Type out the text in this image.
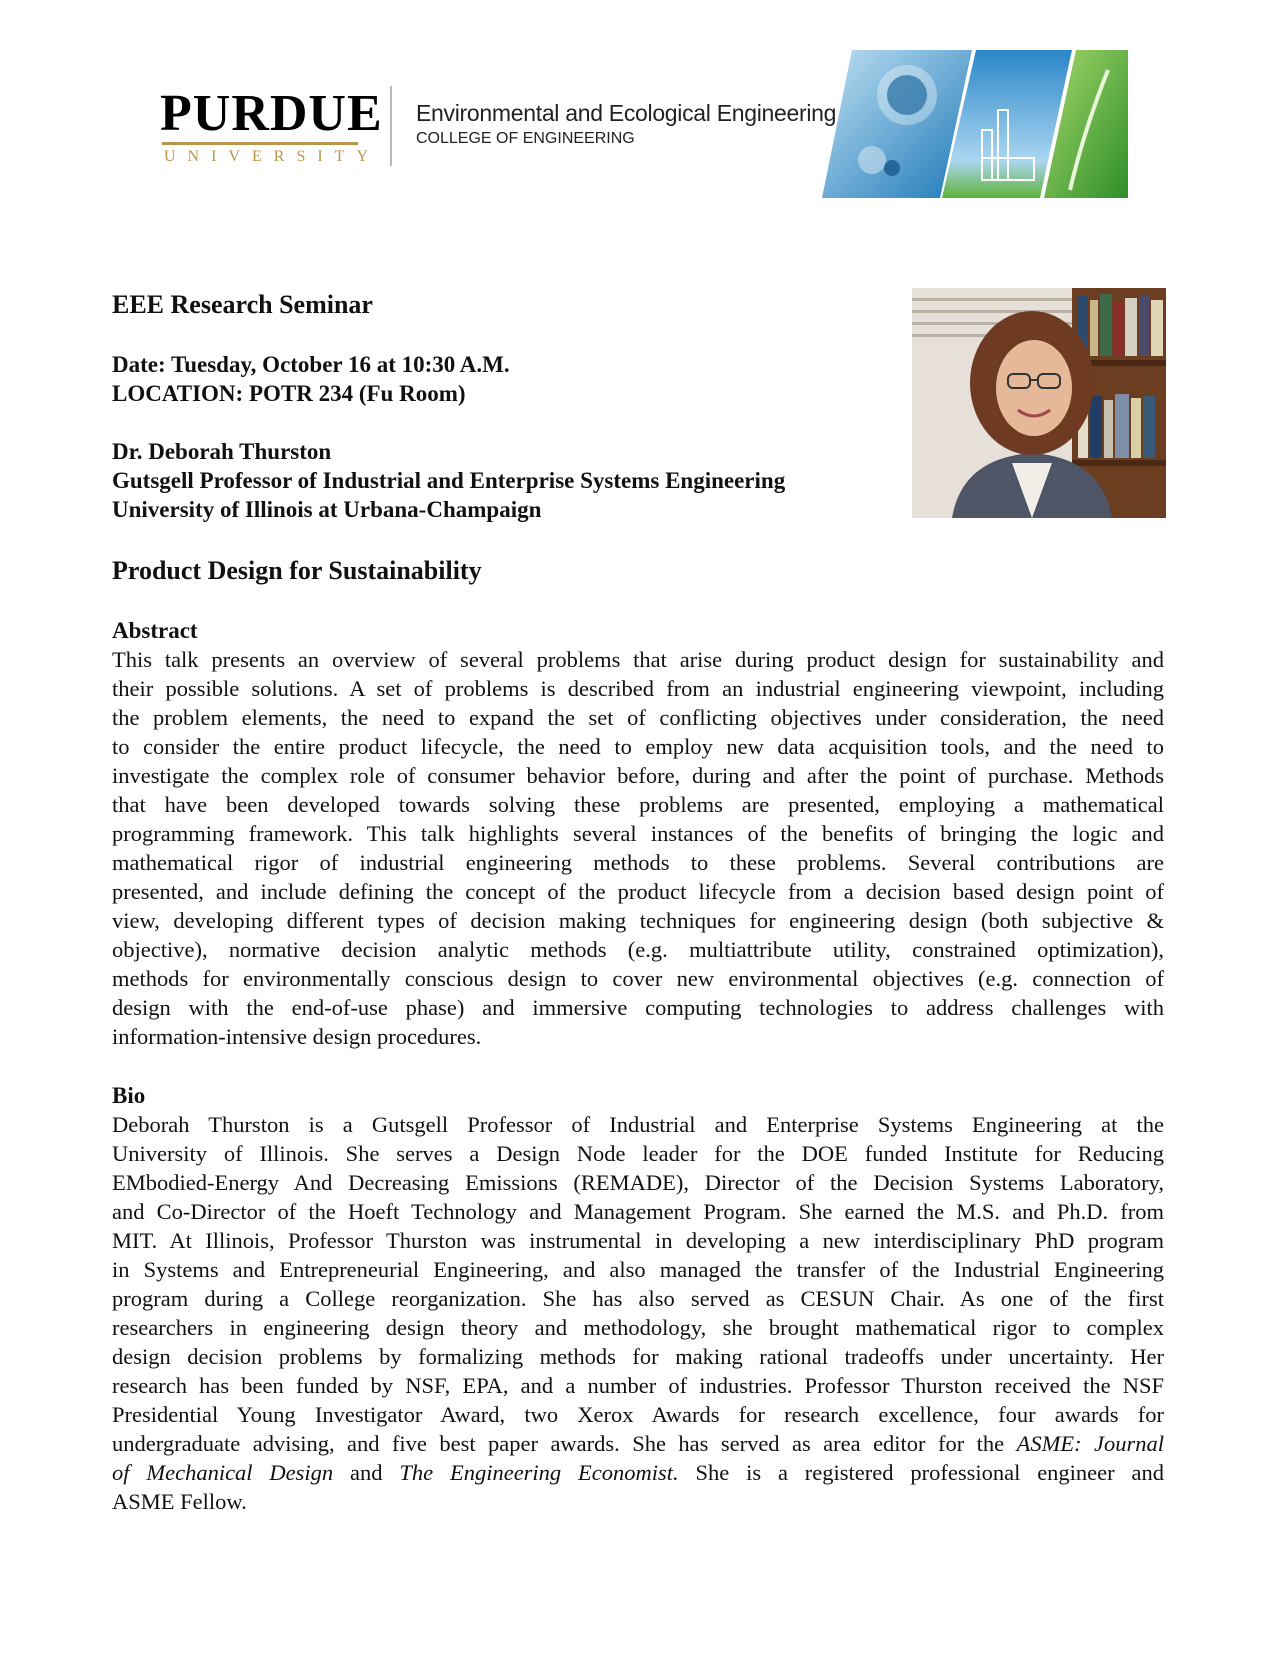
PURDUE
UNIVERSITY
Environmental and Ecological Engineering
COLLEGE OF ENGINEERING
EEE Research Seminar
Date: Tuesday, October 16 at 10:30 A.M.
LOCATION: POTR 234 (Fu Room)
Dr. Deborah Thurston
Gutsgell Professor of Industrial and Enterprise Systems Engineering
University of Illinois at Urbana-Champaign
Product Design for Sustainability
Abstract
This talk presents an overview of several problems that arise during product design for sustainability and
their possible solutions. A set of problems is described from an industrial engineering viewpoint, including
the problem elements, the need to expand the set of conflicting objectives under consideration, the need
to consider the entire product lifecycle, the need to employ new data acquisition tools, and the need to
investigate the complex role of consumer behavior before, during and after the point of purchase. Methods
that have been developed towards solving these problems are presented, employing a mathematical
programming framework. This talk highlights several instances of the benefits of bringing the logic and
mathematical rigor of industrial engineering methods to these problems. Several contributions are
presented, and include defining the concept of the product lifecycle from a decision based design point of
view, developing different types of decision making techniques for engineering design (both subjective &
objective), normative decision analytic methods (e.g. multiattribute utility, constrained optimization),
methods for environmentally conscious design to cover new environmental objectives (e.g. connection of
design with the end-of-use phase) and immersive computing technologies to address challenges with
information-intensive design procedures.
Bio
Deborah Thurston is a Gutsgell Professor of Industrial and Enterprise Systems Engineering at the
University of Illinois. She serves a Design Node leader for the DOE funded Institute for Reducing
EMbodied-Energy And Decreasing Emissions (REMADE), Director of the Decision Systems Laboratory,
and Co-Director of the Hoeft Technology and Management Program. She earned the M.S. and Ph.D. from
MIT. At Illinois, Professor Thurston was instrumental in developing a new interdisciplinary PhD program
in Systems and Entrepreneurial Engineering, and also managed the transfer of the Industrial Engineering
program during a College reorganization. She has also served as CESUN Chair. As one of the first
researchers in engineering design theory and methodology, she brought mathematical rigor to complex
design decision problems by formalizing methods for making rational tradeoffs under uncertainty. Her
research has been funded by NSF, EPA, and a number of industries. Professor Thurston received the NSF
Presidential Young Investigator Award, two Xerox Awards for research excellence, four awards for
undergraduate advising, and five best paper awards. She has served as area editor for the ASME: Journal
of Mechanical Design and The Engineering Economist. She is a registered professional engineer and
ASME Fellow.
